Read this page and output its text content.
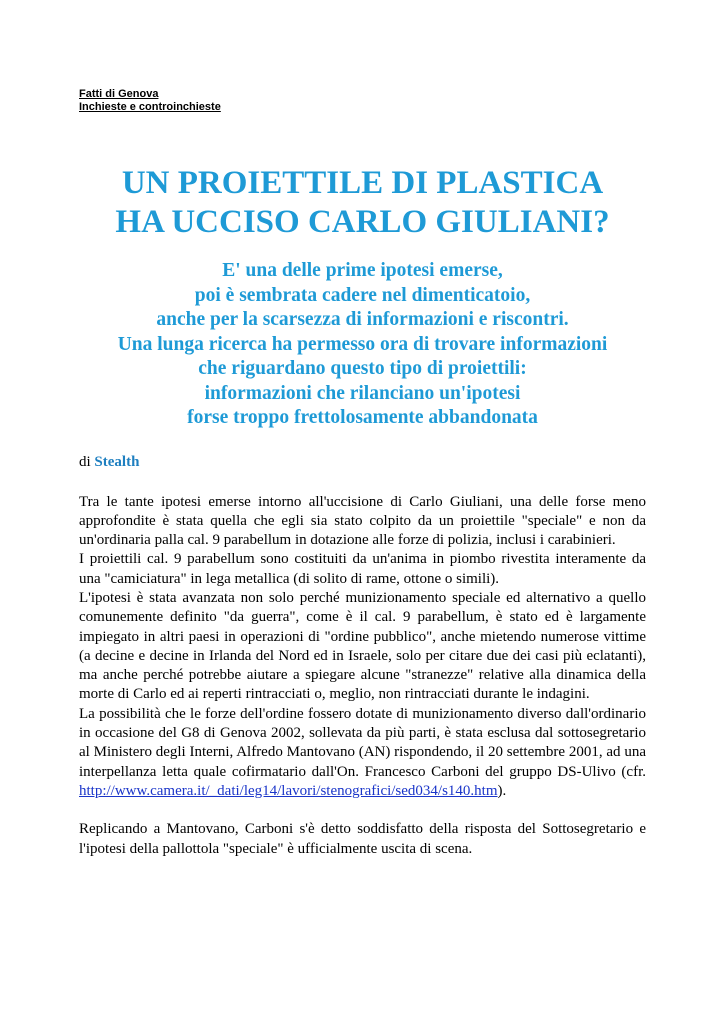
Fatti di Genova

Inchieste e controinchieste

UN PROIETTILE DI PLASTICA
HA UCCISO CARLO GIULIANI?
E' una delle prime ipotesi emerse,
poi è sembrata cadere nel dimenticatoio,
anche per la scarsezza di informazioni e riscontri.
Una lunga ricerca ha permesso ora di trovare informazioni
che riguardano questo tipo di proiettili:
informazioni che rilanciano un'ipotesi
forse troppo frettolosamente abbandonata

di Stealth

Tra le tante ipotesi emerse intorno all'uccisione di Carlo Giuliani, una delle forse meno approfondite è stata quella che egli sia stato colpito da un proiettile "speciale" e non da un'ordinaria palla cal. 9 parabellum in dotazione alle forze di polizia, inclusi i carabinieri.

I proiettili cal. 9 parabellum sono costituiti da un'anima in piombo rivestita interamente da una "camiciatura" in lega metallica (di solito di rame, ottone o simili).

L'ipotesi è stata avanzata non solo perché munizionamento speciale ed alternativo a quello comunemente definito "da guerra", come è il cal. 9 parabellum, è stato ed è largamente impiegato in altri paesi in operazioni di "ordine pubblico", anche mietendo numerose vittime (a decine e decine in Irlanda del Nord ed in Israele, solo per citare due dei casi più eclatanti), ma anche perché potrebbe aiutare a spiegare alcune "stranezze" relative alla dinamica della morte di Carlo ed ai reperti rintracciati o, meglio, non rintracciati durante le indagini.

La possibilità che le forze dell'ordine fossero dotate di munizionamento diverso dall'ordinario in occasione del G8 di Genova 2002, sollevata da più parti, è stata esclusa dal sottosegretario al Ministero degli Interni, Alfredo Mantovano (AN) rispondendo, il 20 settembre 2001, ad una interpellanza letta quale cofirmatario dall'On. Francesco Carboni del gruppo DS-Ulivo (cfr. http://www.camera.it/_dati/leg14/lavori/stenografici/sed034/s140.htm).

Replicando a Mantovano, Carboni s'è detto soddisfatto della risposta del Sottosegretario e l'ipotesi della pallottola "speciale" è ufficialmente uscita di scena.
